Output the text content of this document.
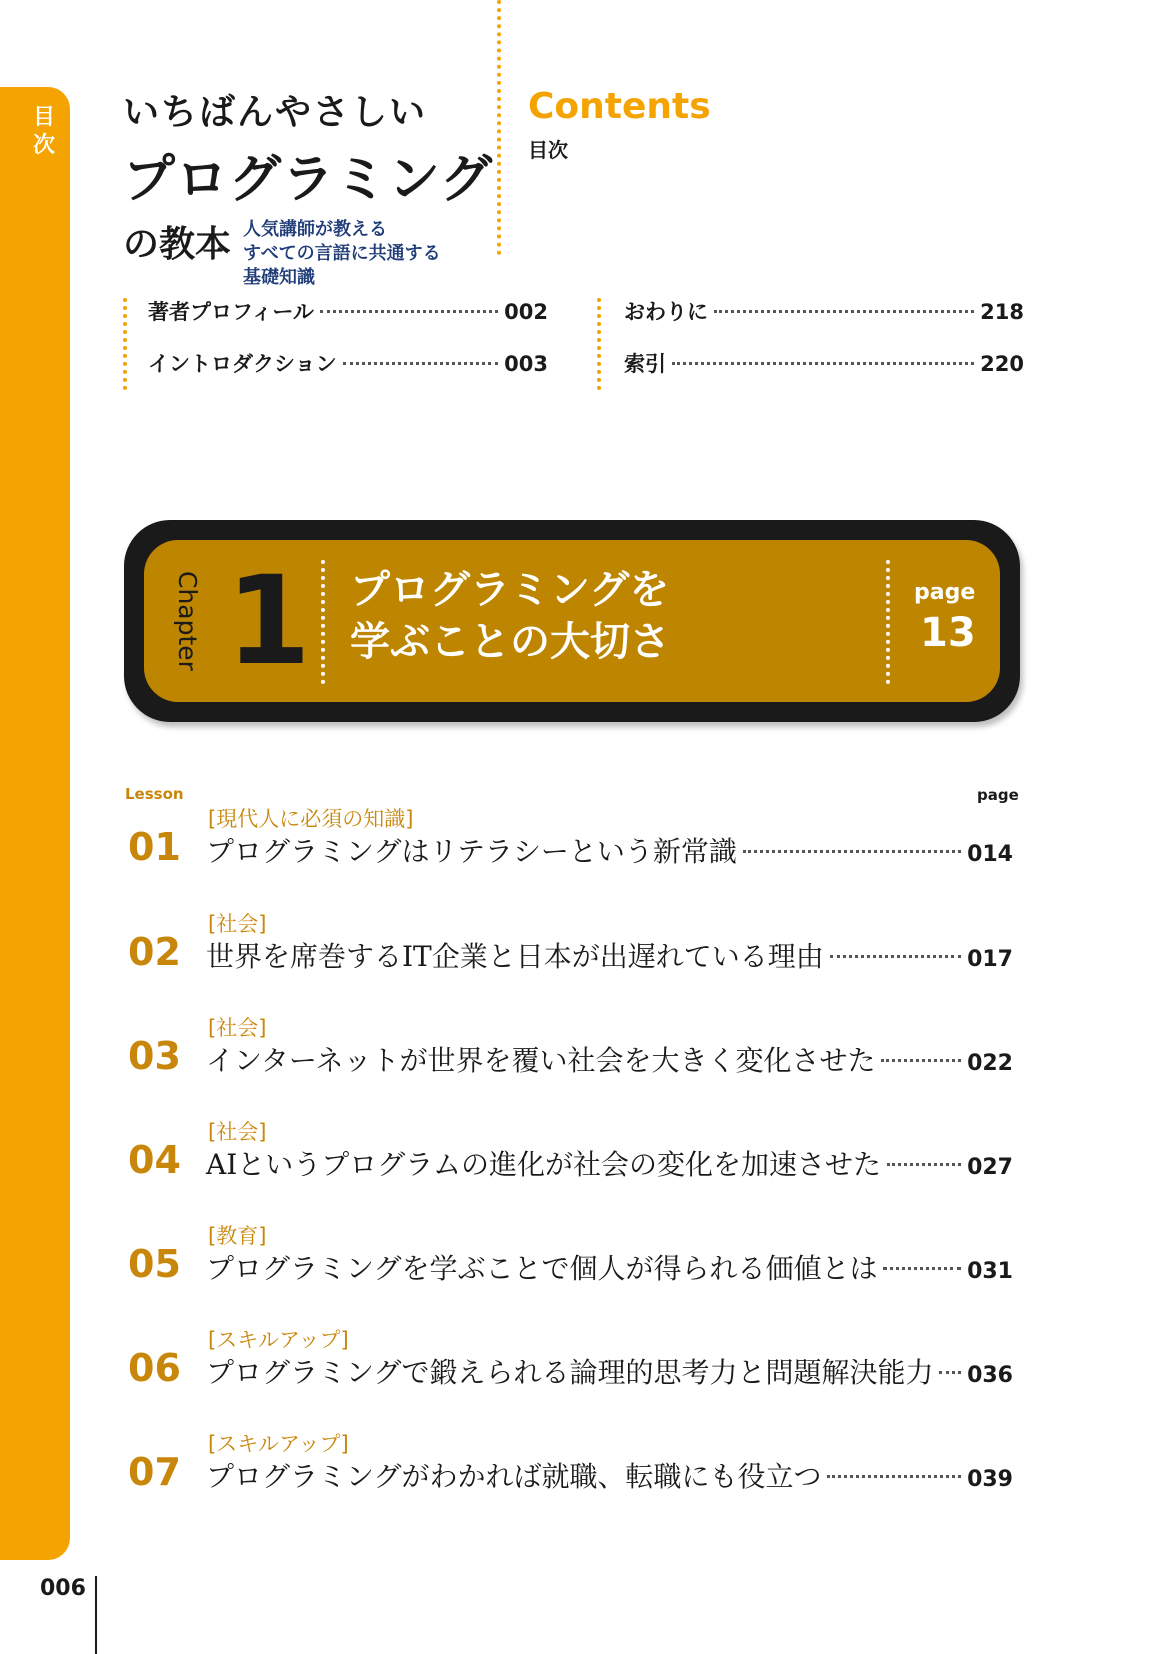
目次
いちばんやさしい
プログラミング
の教本 人気講師が教える
すべての言語に共通する
基礎知識
Contents
目次
著者プロフィール	002
イントロダクション	003
おわりに	218
索引	220
Chapter 1 プログラミングを
学ぶことの大切さ
page
13
Lesson	page
01
[現代人に必須の知識]
プログラミングはリテラシーという新常識	014
02
[社会]
世界を席巻するIT企業と日本が出遅れている理由	017
03
[社会]
インターネットが世界を覆い社会を大きく変化させた	022
04
[社会]
AIというプログラムの進化が社会の変化を加速させた	027
05
[教育]
プログラミングを学ぶことで個人が得られる価値とは	031
06
[スキルアップ]
プログラミングで鍛えられる論理的思考力と問題解決能力 036
07
[スキルアップ]
プログラミングがわかれば就職、転職にも役立つ	039
006
